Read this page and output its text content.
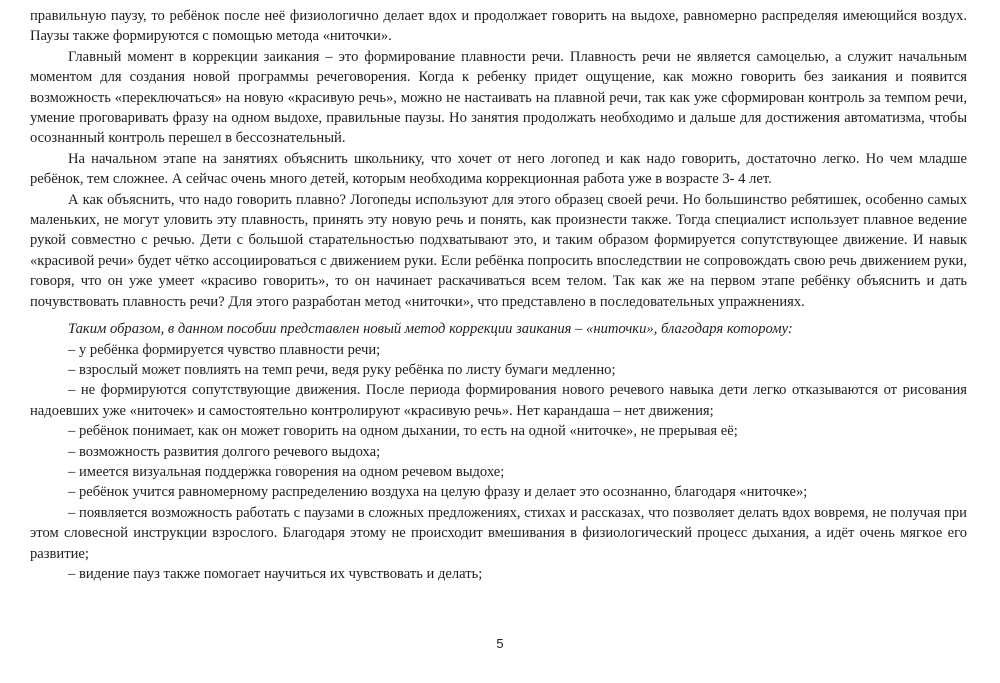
правильную паузу, то ребёнок после неё физиологично делает вдох и продолжает говорить на выдохе, равномерно распределяя имеющийся воздух. Паузы также формируются с помощью метода «ниточки».

Главный момент в коррекции заикания – это формирование плавности речи. Плавность речи не является самоцелью, а служит начальным моментом для создания новой программы речеговорения. Когда к ребенку придет ощущение, как можно говорить без заикания и появится возможность «переключаться» на новую «красивую речь», можно не настаивать на плавной речи, так как уже сформирован контроль за темпом речи, умение проговаривать фразу на одном выдохе, правильные паузы. Но занятия продолжать необходимо и дальше для достижения автоматизма, чтобы осознанный контроль перешел в бессознательный.

На начальном этапе на занятиях объяснить школьнику, что хочет от него логопед и как надо говорить, достаточно легко. Но чем младше ребёнок, тем сложнее. А сейчас очень много детей, которым необходима коррекционная работа уже в возрасте 3- 4 лет.

А как объяснить, что надо говорить плавно? Логопеды используют для этого образец своей речи. Но большинство ребятишек, особенно самых маленьких, не могут уловить эту плавность, принять эту новую речь и понять, как произнести также. Тогда специалист использует плавное ведение рукой совместно с речью. Дети с большой старательностью подхватывают это, и таким образом формируется сопутствующее движение. И навык «красивой речи» будет чётко ассоциироваться с движением руки. Если ребёнка попросить впоследствии не сопровождать свою речь движением руки, говоря, что он уже умеет «красиво говорить», то он начинает раскачиваться всем телом. Так как же на первом этапе ребёнку объяснить и дать почувствовать плавность речи? Для этого разработан метод «ниточки», что представлено в последовательных упражнениях.

Таким образом, в данном пособии представлен новый метод коррекции заикания – «ниточки», благодаря которому:

– у ребёнка формируется чувство плавности речи;

– взрослый может повлиять на темп речи, ведя руку ребёнка по листу бумаги медленно;

– не формируются сопутствующие движения. После периода формирования нового речевого навыка дети легко отказываются от рисования надоевших уже «ниточек» и самостоятельно контролируют «красивую речь». Нет карандаша – нет движения;

– ребёнок понимает, как он может говорить на одном дыхании, то есть на одной «ниточке», не прерывая её;

– возможность развития долгого речевого выдоха;

– имеется визуальная поддержка говорения на одном речевом выдохе;

– ребёнок учится равномерному распределению воздуха на целую фразу и делает это осознанно, благодаря «ниточке»;

– появляется возможность работать с паузами в сложных предложениях, стихах и рассказах, что позволяет делать вдох вовремя, не получая при этом словесной инструкции взрослого. Благодаря этому не происходит вмешивания в физиологический процесс дыхания, а идёт очень мягкое его развитие;

– видение пауз также помогает научиться их чувствовать и делать;

5
